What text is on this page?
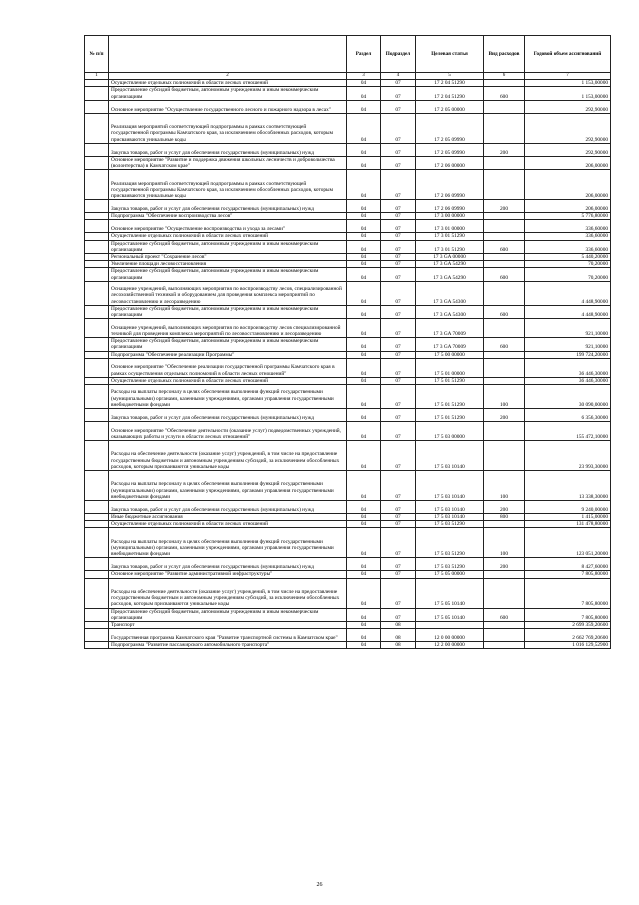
№ п/п		Раздел	Подраздел	Целевая статья	Вид расходов	Годовой объем ассигнований
1	2	3	4	5	6	7
	Осуществление отдельных полномочий в области лесных отношений	04	07	17 2 04 51290		1 153,00000
	Предоставление субсидий бюджетным, автономным учреждениям и иным некоммерческим организациям	04	07	17 2 04 51290	600	1 153,00000
	Основное мероприятие "Осуществление государственного лесного и пожарного надзора в лесах"	04	07	17 2 05 00000		292,90000
	Реализация мероприятий соответствующей подпрограммы в рамках соответствующей государственной программы Камчатского края, за исключением обособленных расходов, которым присваиваются уникальные коды	04	07	17 2 05 09990		292,90000
	Закупка товаров, работ и услуг для обеспечения государственных (муниципальных) нужд	04	07	17 2 05 09990	200	292,90000
	Основное мероприятие "Развитие и поддержка движения школьных лесничеств и добровольчества (волонтерства) в Камчатском крае"	04	07	17 2 06 00000		206,00000
	Реализация мероприятий соответствующей подпрограммы в рамках соответствующей государственной программы Камчатского края, за исключением обособленных расходов, которым присваиваются уникальные коды	04	07	17 2 06 09990		206,00000
	Закупка товаров, работ и услуг для обеспечения государственных (муниципальных) нужд	04	07	17 2 06 09990	200	206,00000
	Подпрограмма "Обеспечение воспроизводства лесов"	04	07	17 3 00 00000		5 776,80000
	Основное мероприятие "Осуществление воспроизводства и ухода за лесами"	04	07	17 3 01 00000		336,60000
	Осуществление отдельных полномочий в области лесных отношений	04	07	17 3 01 51290		336,60000
	Предоставление субсидий бюджетным, автономным учреждениям и иным некоммерческим организациям	04	07	17 3 01 51290	600	336,60000
	Региональный проект "Сохранение лесов"	04	07	17 3 GA 00000		5 440,20000
	Увеличение площади лесовосстановления	04	07	17 3 GA 54290		70,20000
	Предоставление субсидий бюджетным, автономным учреждениям и иным некоммерческим организациям	04	07	17 3 GA 54290	600	70,20000
	Оснащение учреждений, выполняющих мероприятия по воспроизводству лесов, специализированной лесохозяйственной техникой и оборудованием для проведения комплекса мероприятий по лесовосстановлению и лесоразведению	04	07	17 3 GA 54300		4 448,90000
	Предоставление субсидий бюджетным, автономным учреждениям и иным некоммерческим организациям	04	07	17 3 GA 54300	600	4 448,90000
	Оснащение учреждений, выполняющих мероприятия по воспроизводству лесов специализированной техникой для проведения комплекса мероприятий по лесовосстановлению и лесоразведению	04	07	17 3 GA 70009		921,10000
	Предоставление субсидий бюджетным, автономным учреждениям и иным некоммерческим организациям	04	07	17 3 GA 70009	600	921,10000
	Подпрограмма "Обеспечение реализации Программы"	04	07	17 5 00 00000		199 724,20000
	Основное мероприятие "Обеспечение реализации государственной программы Камчатского края в рамках осуществления отдельных полномочий в области лесных отношений"	04	07	17 5 01 00000		36 446,30000
	Осуществление отдельных полномочий в области лесных отношений	04	07	17 5 01 51290		36 446,30000
	Расходы на выплаты персоналу в целях обеспечения выполнения функций государственными (муниципальными) органами, казенными учреждениями, органами управления государственными внебюджетными фондами	04	07	17 5 01 51290	100	30 090,00000
	Закупка товаров, работ и услуг для обеспечения государственных (муниципальных) нужд	04	07	17 5 01 51290	200	6 356,30000
	Основное мероприятие "Обеспечение деятельности (оказание услуг) подведомственных учреждений, оказывающих работы и услуги в области лесных отношений"	04	07	17 5 03 00000		155 472,10000
	Расходы на обеспечение деятельности (оказание услуг) учреждений, в том числе на предоставление государственным бюджетным и автономным учреждениям субсидий, за исключением обособленных расходов, которым присваиваются уникальные коды	04	07	17 5 03 10140		23 993,30000
	Расходы на выплаты персоналу в целях обеспечения выполнения функций государственными (муниципальными) органами, казенными учреждениями, органами управления государственными внебюджетными фондами	04	07	17 5 03 10140	100	13 338,30000
	Закупка товаров, работ и услуг для обеспечения государственных (муниципальных) нужд	04	07	17 5 03 10140	200	9 240,00000
	Иные бюджетные ассигнования	04	07	17 5 03 10140	800	1 415,00000
	Осуществление отдельных полномочий в области лесных отношений	04	07	17 5 03 51290		131 478,80000
	Расходы на выплаты персоналу в целях обеспечения выполнения функций государственными (муниципальными) органами, казенными учреждениями, органами управления государственными внебюджетными фондами	04	07	17 5 03 51290	100	123 051,20000
	Закупка товаров, работ и услуг для обеспечения государственных (муниципальных) нужд	04	07	17 5 03 51290	200	8 427,60000
	Основное мероприятие "Развитие административной инфраструктуры"	04	07	17 5 05 00000		7 805,80000
	Расходы на обеспечение деятельности (оказание услуг) учреждений, в том числе на предоставление государственным бюджетным и автономным учреждениям субсидий, за исключением обособленных расходов, которым присваиваются уникальные коды	04	07	17 5 05 10140		7 805,80000
	Предоставление субсидий бюджетным, автономным учреждениям и иным некоммерческим организациям	04	07	17 5 05 10140	600	7 805,80000
	Транспорт	04	08			2 699 359,20600
	Государственная программа Камчатского края "Развитие транспортной системы в Камчатском крае"	04	08	12 0 00 00000		2 662 769,20600
	Подпрограмма "Развитие пассажирского автомобильного транспорта"	04	08	12 2 00 00000		1 016 129,52900
26
